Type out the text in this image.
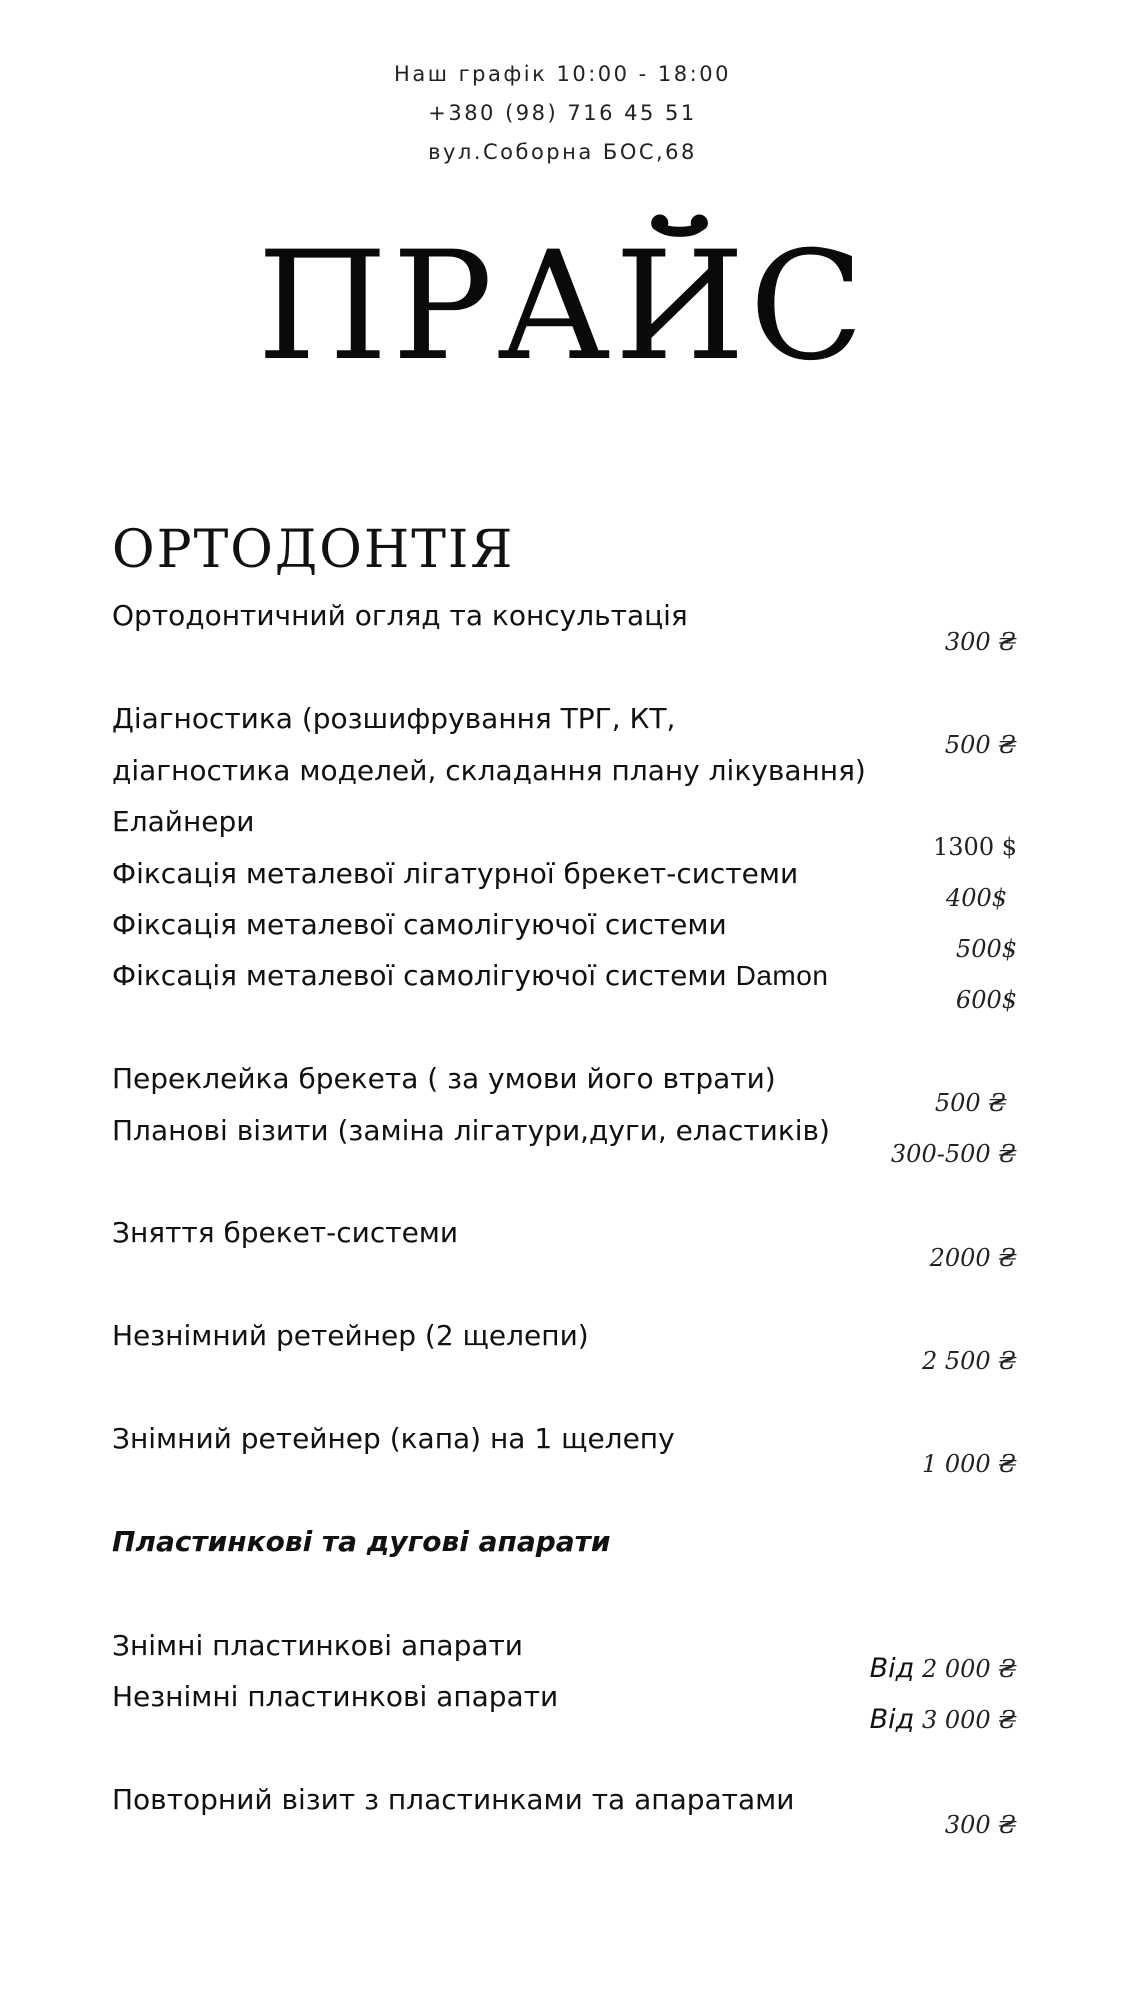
Наш графік 10:00 - 18:00
+380 (98) 716 45 51
вул.Соборна БОС,68
ПРАЙС
ОРТОДОНТІЯ
Ортодонтичний огляд та консультація
300 ₴
Діагностика (розшифрування ТРГ, КТ,
діагностика моделей, складання плану лікування)
500 ₴
Елайнери
1300 $
Фіксація металевої лігатурної брекет-системи
400$
Фіксація металевої самолігуючої системи
500$
Фіксація металевої самолігуючої системи Damon
600$
Переклейка брекета ( за умови його втрати)
500 ₴
Планові візити (заміна лігатури,дуги, еластиків)
300-500 ₴
Зняття брекет-системи
2000 ₴
Незнімний ретейнер (2 щелепи)
2 500 ₴
Знімний ретейнер (капа) на 1 щелепу
1 000 ₴
Пластинкові та дугові апарати
Знімні пластинкові апарати
Від 2 000 ₴
Незнімні пластинкові апарати
Від 3 000 ₴
Повторний візит з пластинками та апаратами
300 ₴
